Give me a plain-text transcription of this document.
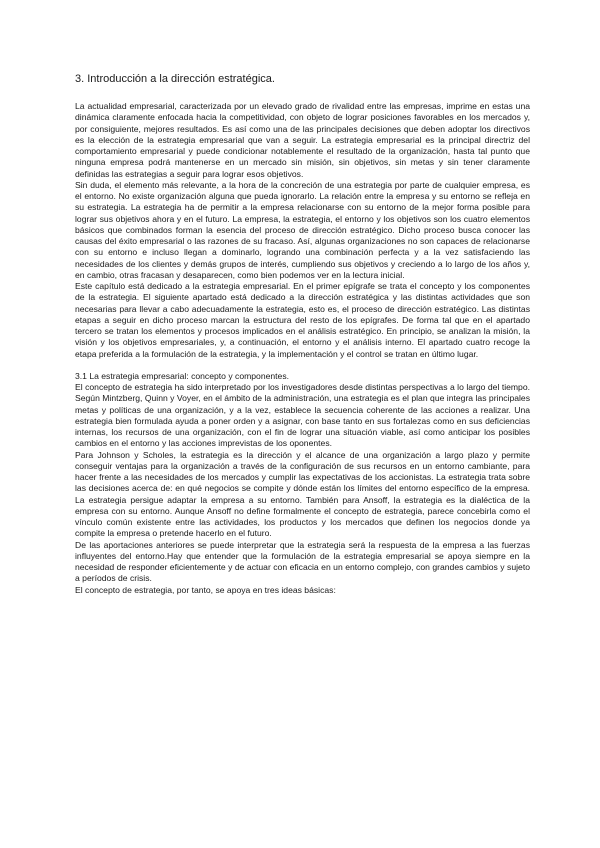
3. Introducción a la dirección estratégica.

La actualidad empresarial, caracterizada por un elevado grado de rivalidad entre las empresas, imprime en estas una dinámica claramente enfocada hacia la competitividad, con objeto de lograr posiciones favorables en los mercados y, por consiguiente, mejores resultados. Es así como una de las principales decisiones que deben adoptar los directivos es la elección de la estrategia empresarial que van a seguir. La estrategia empresarial es la principal directriz del comportamiento empresarial y puede condicionar notablemente el resultado de la organización, hasta tal punto que ninguna empresa podrá mantenerse en un mercado sin misión, sin objetivos, sin metas y sin tener claramente definidas las estrategias a seguir para lograr esos objetivos.

Sin duda, el elemento más relevante, a la hora de la concreción de una estrategia por parte de cualquier empresa, es el entorno. No existe organización alguna que pueda ignorarlo. La relación entre la empresa y su entorno se refleja en su estrategia. La estrategia ha de permitir a la empresa relacionarse con su entorno de la mejor forma posible para lograr sus objetivos ahora y en el futuro. La empresa, la estrategia, el entorno y los objetivos son los cuatro elementos básicos que combinados forman la esencia del proceso de dirección estratégico. Dicho proceso busca conocer las causas del éxito empresarial o las razones de su fracaso. Así, algunas organizaciones no son capaces de relacionarse con su entorno e incluso llegan a dominarlo, logrando una combinación perfecta y a la vez satisfaciendo las necesidades de los clientes y demás grupos de interés, cumpliendo sus objetivos y creciendo a lo largo de los años y, en cambio, otras fracasan y desaparecen, como bien podemos ver en la lectura inicial.

Este capítulo está dedicado a la estrategia empresarial. En el primer epígrafe se trata el concepto y los componentes de la estrategia. El siguiente apartado está dedicado a la dirección estratégica y las distintas actividades que son necesarias para llevar a cabo adecuadamente la estrategia, esto es, el proceso de dirección estratégico. Las distintas etapas a seguir en dicho proceso marcan la estructura del resto de los epígrafes. De forma tal que en el apartado tercero se tratan los elementos y procesos implicados en el análisis estratégico. En principio, se analizan la misión, la visión y los objetivos empresariales, y, a continuación, el entorno y el análisis interno. El apartado cuatro recoge la etapa preferida a la formulación de la estrategia, y la implementación y el control se tratan en último lugar.

3.1 La estrategia empresarial: concepto y componentes.

El concepto de estrategia ha sido interpretado por los investigadores desde distintas perspectivas a lo largo del tiempo. Según Mintzberg, Quinn y Voyer, en el ámbito de la administración, una estrategia es el plan que integra las principales metas y políticas de una organización, y a la vez, establece la secuencia coherente de las acciones a realizar. Una estrategia bien formulada ayuda a poner orden y a asignar, con base tanto en sus fortalezas como en sus deficiencias internas, los recursos de una organización, con el fin de lograr una situación viable, así como anticipar los posibles cambios en el entorno y las acciones imprevistas de los oponentes.

Para Johnson y Scholes, la estrategia es la dirección y el alcance de una organización a largo plazo y permite conseguir ventajas para la organización a través de la configuración de sus recursos en un entorno cambiante, para hacer frente a las necesidades de los mercados y cumplir las expectativas de los accionistas. La estrategia trata sobre las decisiones acerca de: en qué negocios se compite y dónde están los límites del entorno específico de la empresa. La estrategia persigue adaptar la empresa a su entorno. También para Ansoff, la estrategia es la dialéctica de la empresa con su entorno. Aunque Ansoff no define formalmente el concepto de estrategia, parece concebirla como el vínculo común existente entre las actividades, los productos y los mercados que definen los negocios donde ya compite la empresa o pretende hacerlo en el futuro.

De las aportaciones anteriores se puede interpretar que la estrategia será la respuesta de la empresa a las fuerzas influyentes del entorno.Hay que entender que la formulación de la estrategia empresarial se apoya siempre en la necesidad de responder eficientemente y de actuar con eficacia en un entorno complejo, con grandes cambios y sujeto a períodos de crisis.

El concepto de estrategia, por tanto, se apoya en tres ideas básicas:
